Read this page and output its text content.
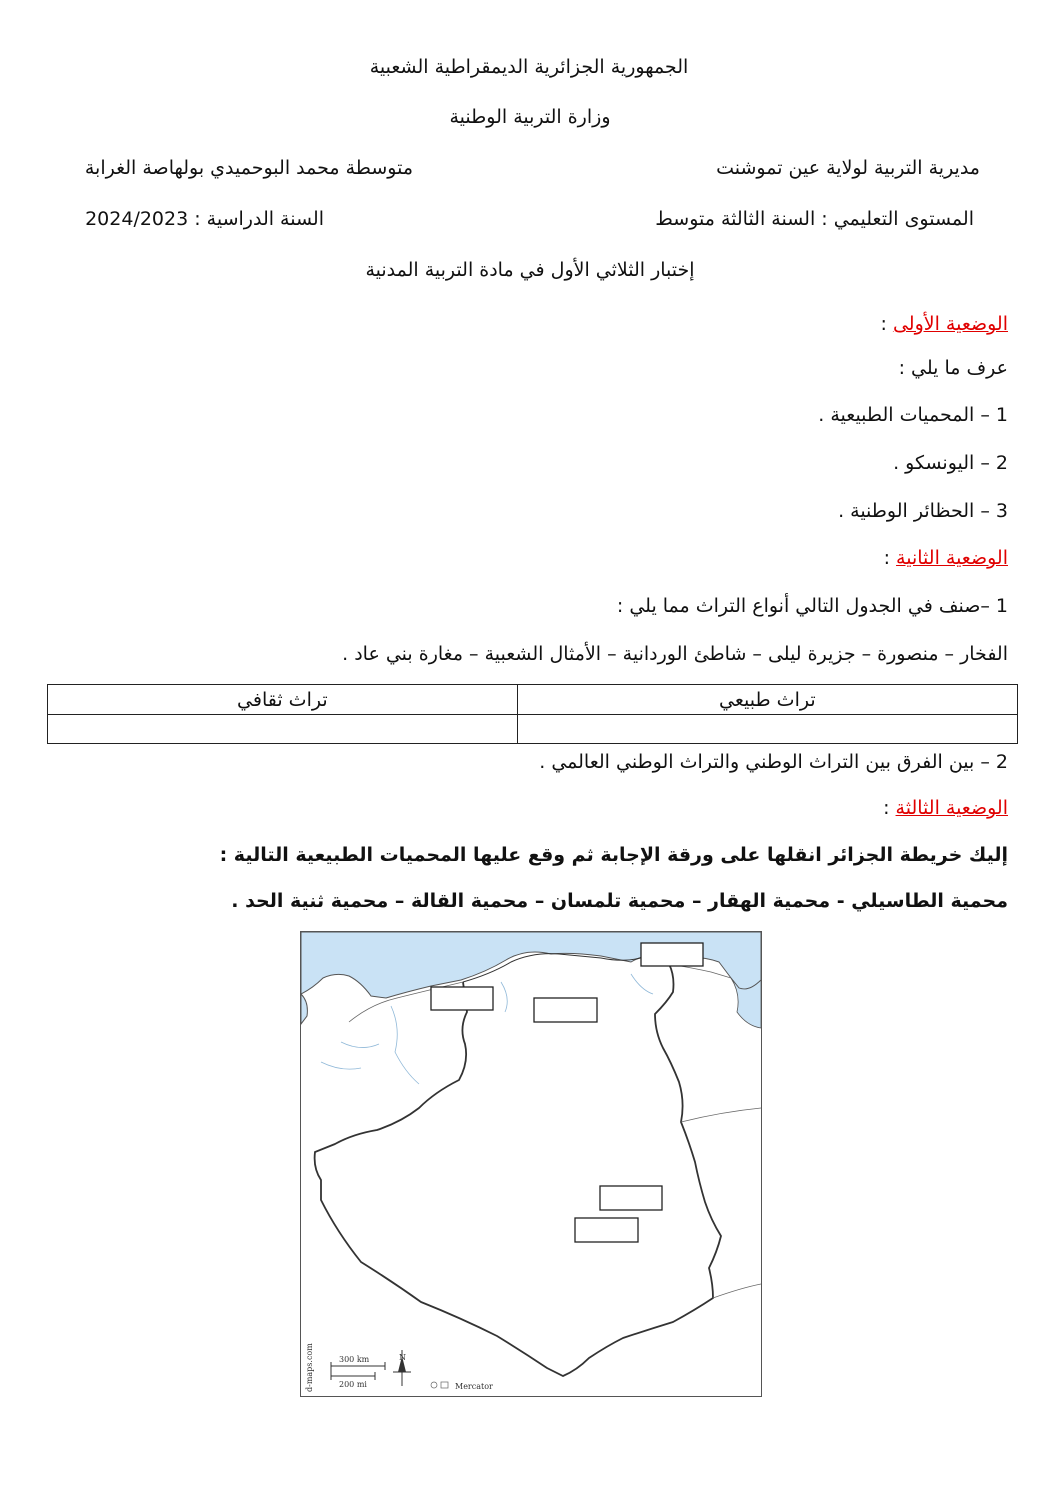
الجمهورية الجزائرية الديمقراطية الشعبية
وزارة التربية الوطنية
مديرية التربية لولاية عين تموشنت
متوسطة محمد البوحميدي بولهاصة الغرابة
المستوى التعليمي : السنة الثالثة متوسط
السنة الدراسية : 2024/2023
إختبار الثلاثي الأول في مادة التربية المدنية
الوضعية الأولى :
عرف ما يلي :
1 – المحميات الطبيعية .
2 – اليونسكو .
3 – الحظائر الوطنية .
الوضعية الثانية :
1 –صنف في الجدول التالي أنواع التراث مما يلي :
الفخار – منصورة – جزيرة ليلى – شاطئ الوردانية – الأمثال الشعبية – مغارة بني عاد .
تراث طبيعي	تراث ثقافي

2 – بين الفرق بين التراث الوطني والتراث الوطني العالمي .
الوضعية الثالثة :
إليك خريطة الجزائر انقلها على ورقة الإجابة ثم وقع عليها المحميات الطبيعية التالية :
محمية الطاسيلي - محمية الهقار – محمية تلمسان – محمية القالة – محمية ثنية الحد .
300 km
200 mi
N
Mercator
d-maps.com
